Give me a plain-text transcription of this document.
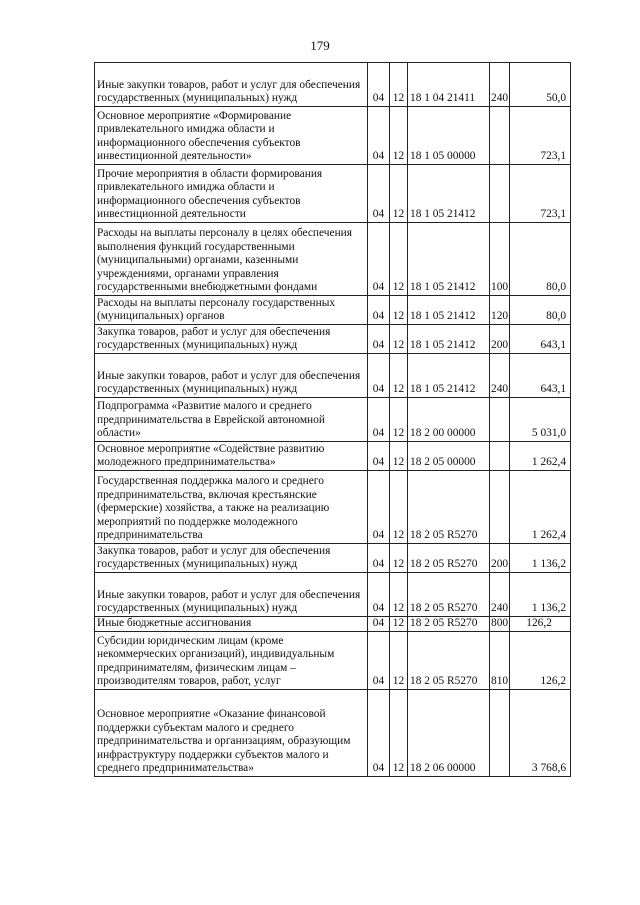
179
Иные закупки товаров, работ и услуг для обеспечения государственных (муниципальных) нужд	04	12	18 1 04 21411	240	50,0
Основное мероприятие «Формирование привлекательного имиджа области и информационного обеспечения субъектов инвестиционной деятельности»	04	12	18 1 05 00000		723,1
Прочие мероприятия в области формирования привлекательного имиджа области и информационного обеспечения субъектов инвестиционной деятельности	04	12	18 1 05 21412		723,1
Расходы на выплаты персоналу в целях обеспечения выполнения функций государственными (муниципальными) органами, казенными учреждениями, органами управления государственными внебюджетными фондами	04	12	18 1 05 21412	100	80,0
Расходы на выплаты персоналу государственных (муниципальных) органов	04	12	18 1 05 21412	120	80,0
Закупка товаров, работ и услуг для обеспечения государственных (муниципальных) нужд	04	12	18 1 05 21412	200	643,1
Иные закупки товаров, работ и услуг для обеспечения государственных (муниципальных) нужд	04	12	18 1 05 21412	240	643,1
Подпрограмма «Развитие малого и среднего предпринимательства в Еврейской автономной области»	04	12	18 2 00 00000		5 031,0
Основное мероприятие «Содействие развитию молодежного предпринимательства»	04	12	18 2 05 00000		1 262,4
Государственная поддержка малого и среднего предпринимательства, включая крестьянские (фермерские) хозяйства, а также на реализацию мероприятий по поддержке молодежного предпринимательства	04	12	18 2 05 R5270		1 262,4
Закупка товаров, работ и услуг для обеспечения государственных (муниципальных) нужд	04	12	18 2 05 R5270	200	1 136,2
Иные закупки товаров, работ и услуг для обеспечения государственных (муниципальных) нужд	04	12	18 2 05 R5270	240	1 136,2
Иные бюджетные ассигнования	04	12	18 2 05 R5270	800	126,2
Субсидии юридическим лицам (кроме некоммерческих организаций), индивидуальным предпринимателям, физическим лицам – производителям товаров, работ, услуг	04	12	18 2 05 R5270	810	126,2
Основное мероприятие «Оказание финансовой поддержки субъектам малого и среднего предпринимательства и организациям, образующим инфраструктуру поддержки субъектов малого и среднего предпринимательства»	04	12	18 2 06 00000		3 768,6
